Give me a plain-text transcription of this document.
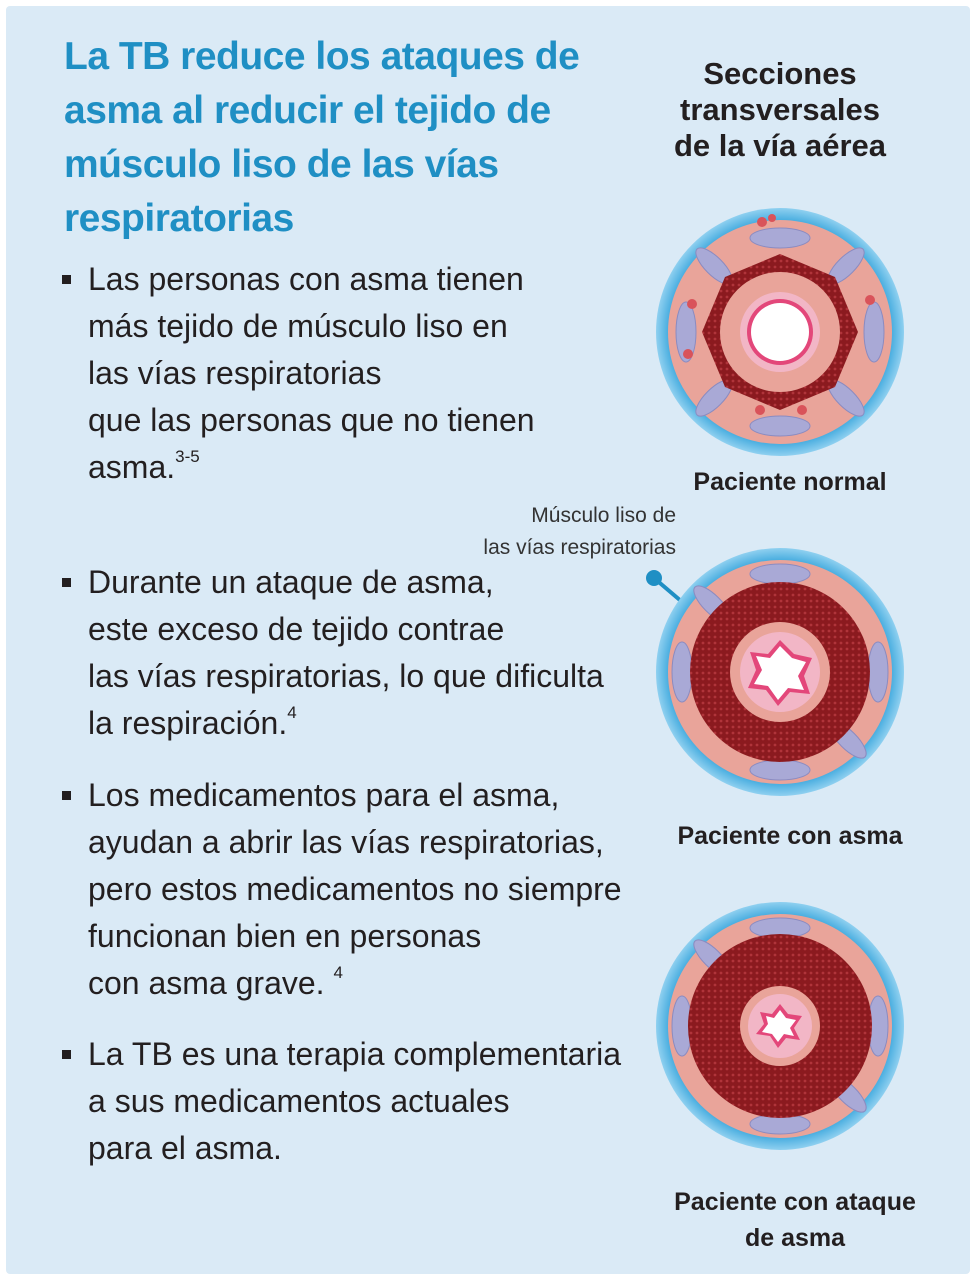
La TB reduce los ataques de asma al reducir el tejido de músculo liso de las vías respiratorias
Las personas con asma tienen
más tejido de músculo liso en
las vías respiratorias
que las personas que no tienen
asma.$^{3-5}$
Durante un ataque de asma,
este exceso de tejido contrae
las vías respiratorias, lo que dificulta
la respiración.$^4$
Los medicamentos para el asma,
ayudan a abrir las vías respiratorias,
pero estos medicamentos no siempre
funcionan bien en personas
con asma grave. $^4$
La TB es una terapia complementaria
a sus medicamentos actuales
para el asma.
Secciones
transversales
de la vía aérea
Paciente normal
Músculo liso de
las vías respiratorias
Paciente con asma
Paciente con ataque
de asma
